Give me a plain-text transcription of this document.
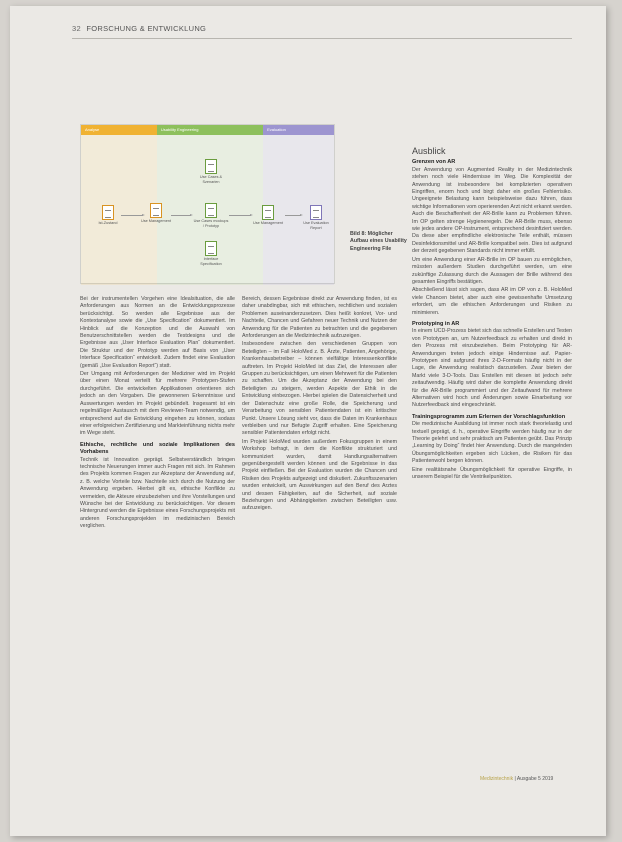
32 FORSCHUNG & ENTWICKLUNG
Analyse	Usability Engineering	Evaluation
Ist-Zustand	Use Management
Use Cases & Szenarien
Use Cases mockups / Prototyp
Interface Specification
Use Management	Use Evaluation Report
Bild 8: Möglicher Aufbau eines Usability Engineering File

Bei der instrumentellen Vorgehen eine Idealsituation, die alle Anforderungen aus Normen an die Entwicklungsprozesse berücksichtigt. So werden alle Ergebnisse aus der Kontextanalyse sowie die „Use Specification“ dokumentiert. Im Hinblick auf die Konzeption und die Auswahl von Benutzerschnittstellen werden die Testdesigns und die Ergebnisse aus „User Interface Evaluation Plan“ dokumentiert. Die Struktur und der Prototyp werden auf Basis von „User Interface Specification“ entwickelt. Zudem findet eine Evaluation (gemäß „Use Evaluation Report“) statt.

Der Umgang mit Anforderungen der Mediziner wird im Projekt über einen Monat verteilt für mehrere Prototypen-Stufen durchgeführt. Die entwickelten Applikationen orientieren sich jedoch an den Vorgaben. Die gewonnenen Erkenntnisse und Auswertungen werden im Projekt gebündelt. Insgesamt ist ein regelmäßiger Austausch mit dem Reviewer-Team notwendig, um entsprechend auf die Entwicklung eingehen zu können, sodass einer erfolgreichen Zertifizierung und Markteinführung nichts mehr im Wege steht.

Ethische, rechtliche und soziale Implikationen des Vorhabens

Technik ist Innovation geprägt. Selbstverständlich bringen technische Neuerungen immer auch Fragen mit sich. Im Rahmen des Projekts kommen Fragen zur Akzeptanz der Anwendung auf, z. B. welche Vorteile bzw. Nachteile sich durch die Nutzung der Anwendung ergeben. Hierbei gilt es, ethische Konflikte zu vermeiden, die Akteure einzubeziehen und ihre Vorstellungen und Wünsche bei der Entwicklung zu berücksichtigen. Vor diesem Hintergrund werden die Ergebnisse eines Forschungsprojekts mit anderen Forschungsprojekten im medizinischen Bereich verglichen.

Bereich, dessen Ergebnisse direkt zur Anwendung finden, ist es daher unabdingbar, sich mit ethischen, rechtlichen und sozialen Problemen auseinanderzusetzen. Dies heißt konkret, Vor- und Nachteile, Chancen und Gefahren neuer Technik und Nutzen der Anwendung für die Patienten zu betrachten und die gegebenen Anforderungen an die Medizintechnik aufzuzeigen.

Insbesondere zwischen den verschiedenen Gruppen von Beteiligten – im Fall HoloMed z. B. Ärzte, Patienten, Angehörige, Krankenhausbetreiber – können vielfältige Interessenkonflikte auftreten. Im Projekt HoloMed ist das Ziel, die Interessen aller Gruppen zu berücksichtigen, um einen Mehrwert für die Patienten zu schaffen. Um die Akzeptanz der Anwendung bei den Beteiligten zu steigern, werden Aspekte der Ethik in die Entwicklung einbezogen. Hierbei spielen die Datensicherheit und der Datenschutz eine große Rolle, die Speicherung und Verarbeitung von sensiblen Patientendaten ist ein kritischer Punkt. Unsere Lösung sieht vor, dass die Daten im Krankenhaus verbleiben und nur Befugte Zugriff erhalten. Eine Speicherung sensibler Patientendaten erfolgt nicht.

Im Projekt HoloMed wurden außerdem Fokusgruppen in einem Workshop befragt, in dem die Konflikte strukturiert und kommuniziert wurden, damit Handlungsalternativen gegenübergestellt werden können und die Ergebnisse in das Projekt einfließen. Bei der Evaluation wurden die Chancen und Risiken des Projekts aufgezeigt und diskutiert. Zukunftsszenarien wurden entwickelt, um Auswirkungen auf den Beruf des Arztes und dessen Fähigkeiten, auf die Sicherheit, auf soziale Beziehungen und Abhängigkeiten zwischen Beteiligten usw. aufzuzeigen.

Ausblick
Grenzen von AR

Der Anwendung von Augmented Reality in der Medizintechnik stehen noch viele Hindernisse im Weg. Die Komplexität der Anwendung ist insbesondere bei komplizierten operativen Eingriffen, enorm hoch und birgt daher ein großes Fehlerrisiko. Ungeeignete Belastung kann beispielsweise dazu führen, dass wichtige Informationen vom operierenden Arzt nicht erkannt werden. Auch die Beschaffenheit der AR-Brille kann zu Problemen führen. Im OP gelten strenge Hygieneregeln. Die AR-Brille muss, ebenso wie jedes andere OP-Instrument, entsprechend desinfiziert werden. Da diese aber empfindliche elektronische Teile enthält, müssen Desinfektionsmittel und AR-Brille kompatibel sein. Dies ist aufgrund der derzeit gegebenen Standards nicht immer erfüllt.

Um eine Anwendung einer AR-Brille im OP bauen zu ermöglichen, müssten außerdem Studien durchgeführt werden, um eine zukünftige Zulassung durch die Aussagen der Brille während des gesamten Eingriffs bestätigen.

Abschließend lässt sich sagen, dass AR im OP von z. B. HoloMed viele Chancen bietet, aber auch eine gewissenhafte Umsetzung erfordert, um die ethischen Anforderungen und Risiken zu minimieren.

Prototyping in AR

In einem UCD-Prozess bietet sich das schnelle Erstellen und Testen von Prototypen an, um Nutzerfeedback zu erhalten und direkt in den Prozess mit einzubeziehen. Beim Prototyping für AR-Anwendungen treten jedoch einige Hindernisse auf. Papier-Prototypen sind aufgrund ihres 2-D-Formats häufig nicht in der Lage, die Anwendung realistisch darzustellen. Zwar bieten der Markt viele 3-D-Tools. Das Erstellen mit diesen ist jedoch sehr zeitaufwendig. Häufig wird daher die komplette Anwendung direkt für die AR-Brille programmiert und der Zeitaufwand für mehrere Alternativen wird hoch und Änderungen sowie Einarbeitung vor Nutzerfeedback sind eingeschränkt.

Trainingsprogramm zum Erlernen der Vorschlagsfunktion

Die medizinische Ausbildung ist immer noch stark theorielastig und textuell geprägt, d. h., operative Eingriffe werden häufig nur in der Theorie gelehrt und sehr praktisch am Patienten geübt. Das Prinzip „Learning by Doing“ findet hier Anwendung. Durch die mangelnden Übungsmöglichkeiten ergeben sich Lücken, die Risiken für das Patientenwohl bergen können.

Eine realitätsnahe Übungsmöglichkeit für operative Eingriffe, in unserem Beispiel für die Ventrikelpunktion.

Medizintechnik | Ausgabe 5 2019
